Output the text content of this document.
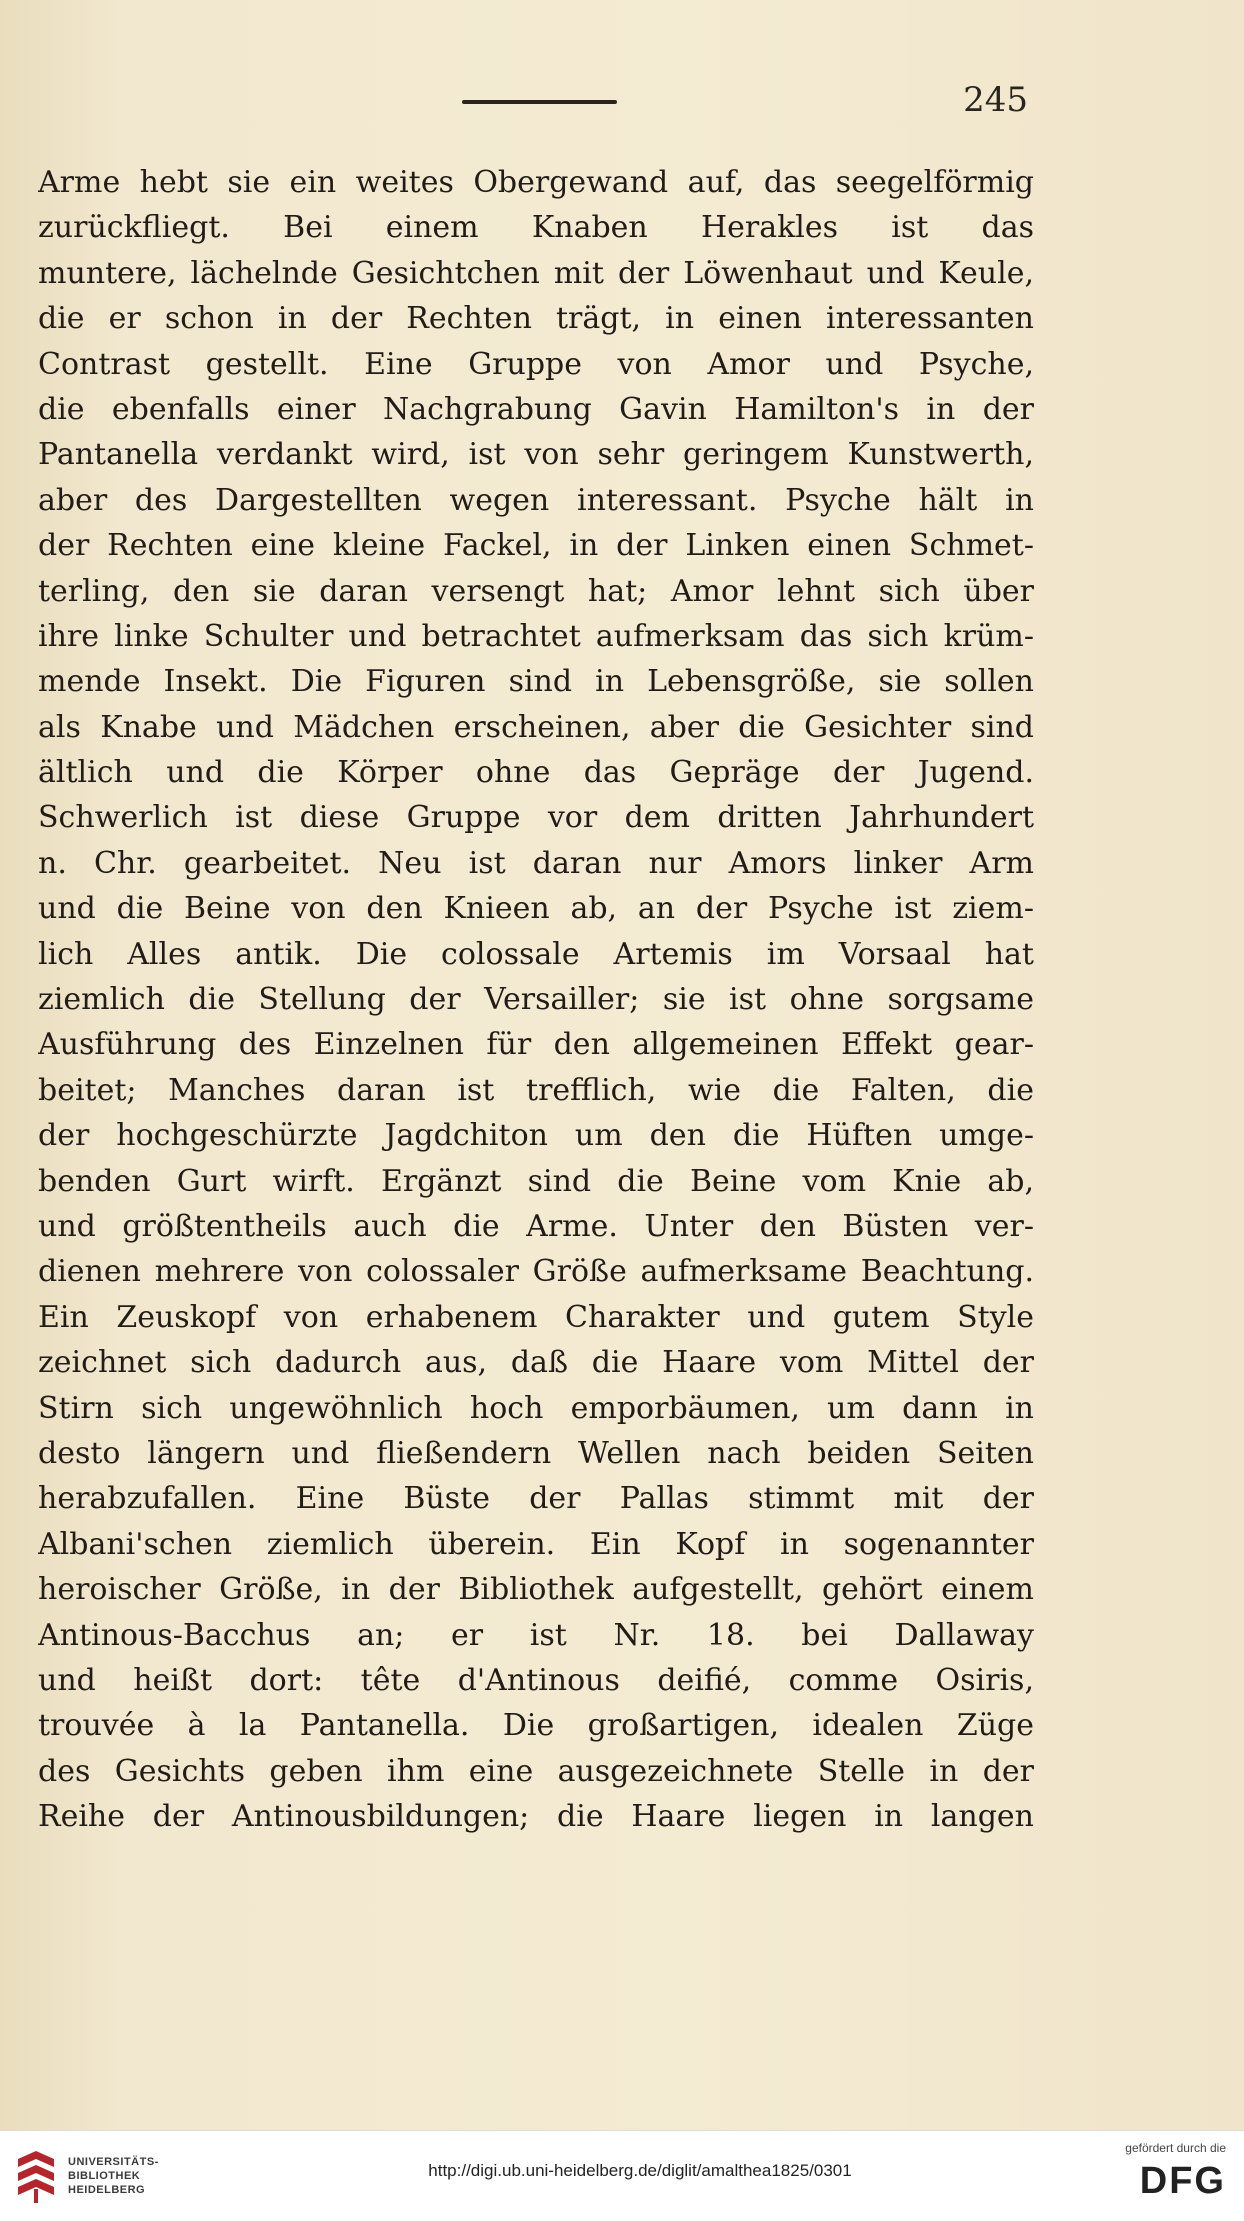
245
Arme hebt sie ein weites Obergewand auf, das seegelförmig
zurückfliegt. Bei einem Knaben Herakles ist das
muntere, lächelnde Gesichtchen mit der Löwenhaut und Keule,
die er schon in der Rechten trägt, in einen interessanten
Contrast gestellt. Eine Gruppe von Amor und Psyche,
die ebenfalls einer Nachgrabung Gavin Hamilton's in der
Pantanella verdankt wird, ist von sehr geringem Kunstwerth,
aber des Dargestellten wegen interessant. Psyche hält in
der Rechten eine kleine Fackel, in der Linken einen Schmet-
terling, den sie daran versengt hat; Amor lehnt sich über
ihre linke Schulter und betrachtet aufmerksam das sich krüm-
mende Insekt. Die Figuren sind in Lebensgröße, sie sollen
als Knabe und Mädchen erscheinen, aber die Gesichter sind
ältlich und die Körper ohne das Gepräge der Jugend.
Schwerlich ist diese Gruppe vor dem dritten Jahrhundert
n. Chr. gearbeitet. Neu ist daran nur Amors linker Arm
und die Beine von den Knieen ab, an der Psyche ist ziem-
lich Alles antik. Die colossale Artemis im Vorsaal hat
ziemlich die Stellung der Versailler; sie ist ohne sorgsame
Ausführung des Einzelnen für den allgemeinen Effekt gear-
beitet; Manches daran ist trefflich, wie die Falten, die
der hochgeschürzte Jagdchiton um den die Hüften umge-
benden Gurt wirft. Ergänzt sind die Beine vom Knie ab,
und größtentheils auch die Arme. Unter den Büsten ver-
dienen mehrere von colossaler Größe aufmerksame Beachtung.
Ein Zeuskopf von erhabenem Charakter und gutem Style
zeichnet sich dadurch aus, daß die Haare vom Mittel der
Stirn sich ungewöhnlich hoch emporbäumen, um dann in
desto längern und fließendern Wellen nach beiden Seiten
herabzufallen. Eine Büste der Pallas stimmt mit der
Albani'schen ziemlich überein. Ein Kopf in sogenannter
heroischer Größe, in der Bibliothek aufgestellt, gehört einem
Antinous-Bacchus an; er ist Nr. 18. bei Dallaway
und heißt dort: tête d'Antinous deifié, comme Osiris,
trouvée à la Pantanella. Die großartigen, idealen Züge
des Gesichts geben ihm eine ausgezeichnete Stelle in der
Reihe der Antinousbildungen; die Haare liegen in langen
UNIVERSITÄTS-
BIBLIOTHEK
HEIDELBERG
http://digi.ub.uni-heidelberg.de/diglit/amalthea1825/0301
gefördert durch die
DFG
